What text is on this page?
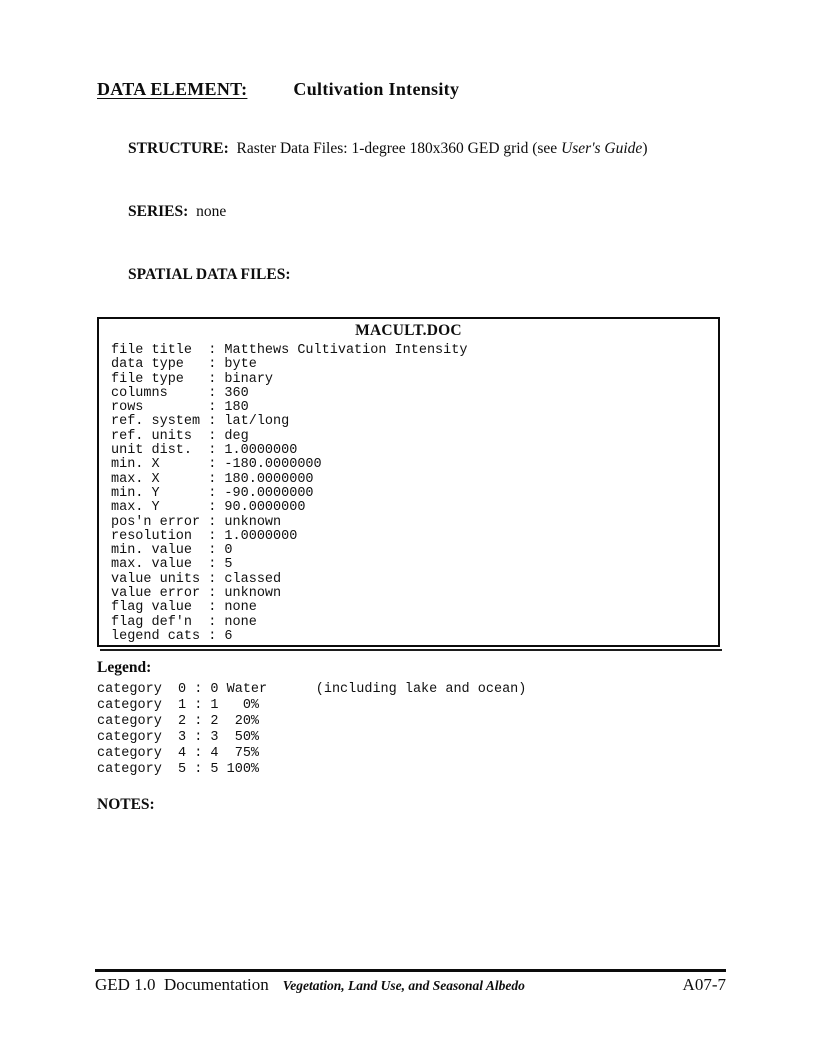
DATA ELEMENT:	Cultivation Intensity

STRUCTURE:  Raster Data Files: 1-degree 180x360 GED grid (see User's Guide)

SERIES:  none

SPATIAL DATA FILES:

MACULT.DOC
file title  : Matthews Cultivation Intensity
data type   : byte
file type   : binary
columns     : 360
rows        : 180
ref. system : lat/long
ref. units  : deg
unit dist.  : 1.0000000
min. X      : -180.0000000
max. X      : 180.0000000
min. Y      : -90.0000000
max. Y      : 90.0000000
pos'n error : unknown
resolution  : 1.0000000
min. value  : 0
max. value  : 5
value units : classed
value error : unknown
flag value  : none
flag def'n  : none
legend cats : 6
Legend:
category  0 : 0 Water      (including lake and ocean)
category  1 : 1   0%
category  2 : 2  20%
category  3 : 3  50%
category  4 : 4  75%
category  5 : 5 100%
NOTES:
GED 1.0  Documentation Vegetation, Land Use, and Seasonal Albedo	A07-7
